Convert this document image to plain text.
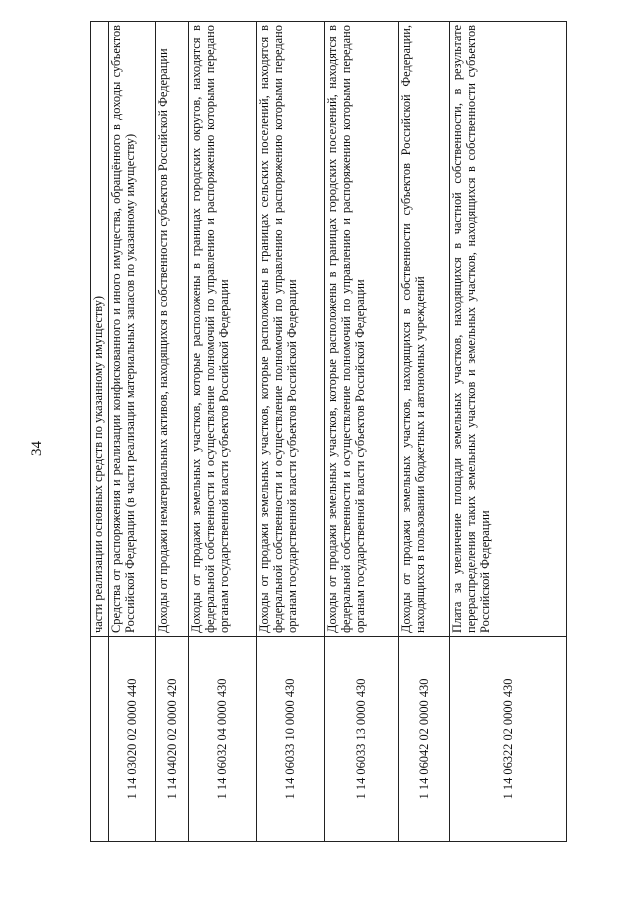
34
		части реализации основных средств по указанному имуществу)
1 14 03020 02 0000 440	Средства от распоряжения и реализации конфискованного и иного имущества, обращённого в доходы субъектов Российской Федерации (в части реализации материальных запасов по указанному имуществу)
1 14 04020 02 0000 420	Доходы от продажи нематериальных активов, находящихся в собственности субъектов Российской Федерации
1 14 06032 04 0000 430	Доходы от продажи земельных участков, которые расположены в границах городских округов, находятся в федеральной собственности и осуществление полномочий по управлению и распоряжению которыми передано органам государственной власти субъектов Российской Федерации
1 14 06033 10 0000 430	Доходы от продажи земельных участков, которые расположены в границах сельских поселений, находятся в федеральной собственности и осуществление полномочий по управлению и распоряжению которыми передано органам государственной власти субъектов Российской Федерации
1 14 06033 13 0000 430	Доходы от продажи земельных участков, которые расположены в границах городских поселений, находятся в федеральной собственности и осуществление полномочий по управлению и распоряжению которыми передано органам государственной власти субъектов Российской Федерации
1 14 06042 02 0000 430	Доходы от продажи земельных участков, находящихся в собственности субъектов Российской Федерации, находящихся в пользовании бюджетных и автономных учреждений
1 14 06322 02 0000 430	Плата за увеличение площади земельных участков, находящихся в частной собственности, в результате перераспределения таких земельных участков и земельных участков, находящихся в собственности субъектов Российской Федерации
